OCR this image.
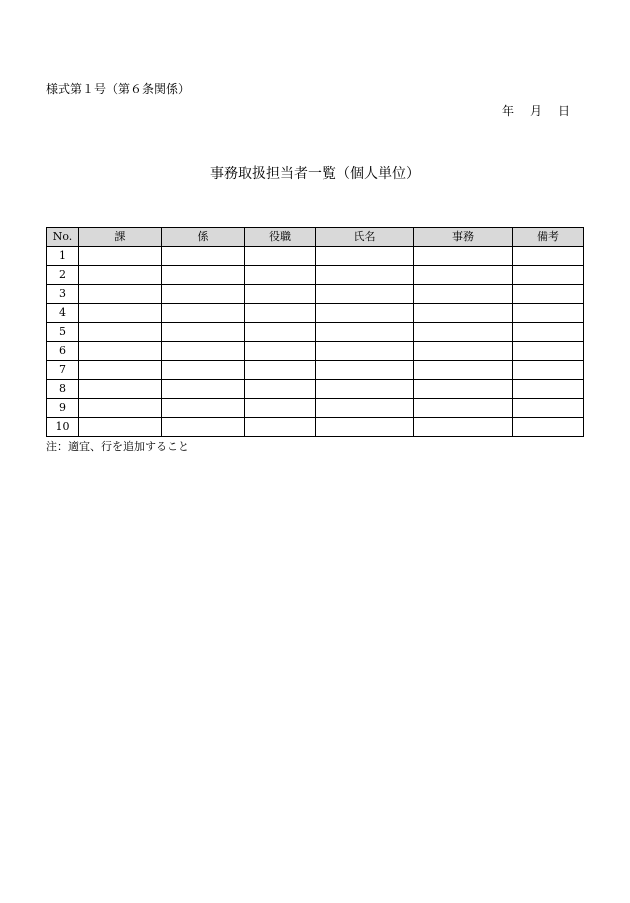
様式第１号（第６条関係）
年 月 日
事務取扱担当者一覧（個人単位）
No.	課	係	役職	氏名	事務	備考
1						
2						
3						
4						
5						
6						
7						
8						
9						
10						
注：適宜、行を追加すること
